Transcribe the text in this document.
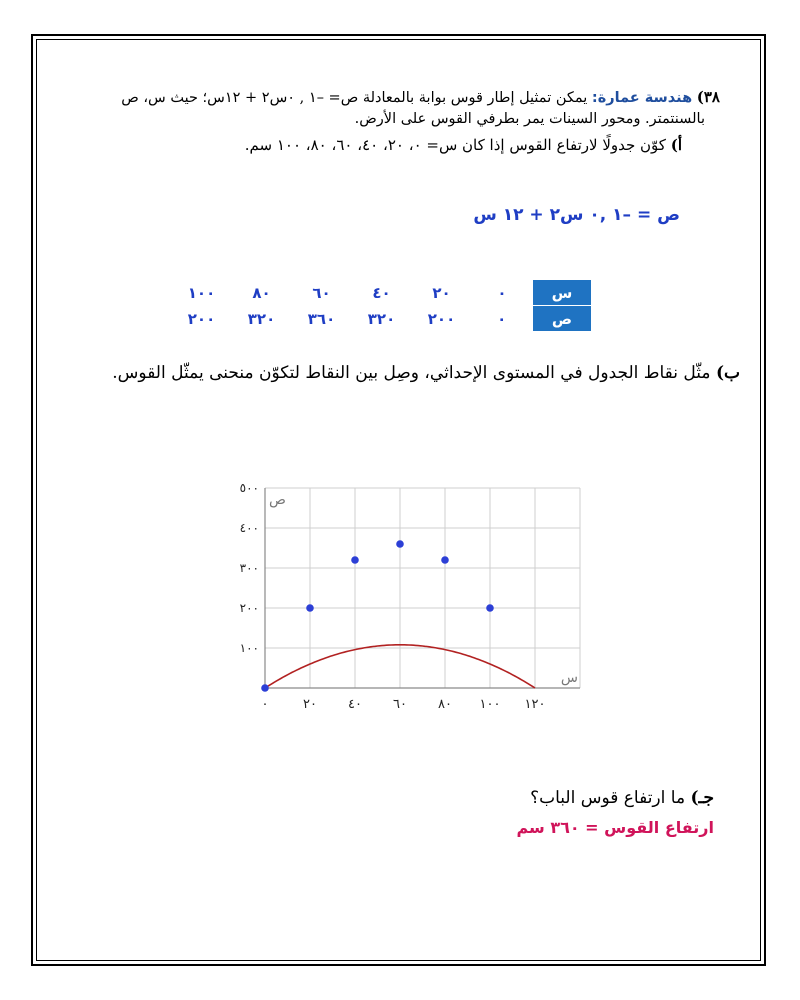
٣٨) هندسة عمارة: يمكن تمثيل إطار قوس بوابة بالمعادلة ص= –١ , ٠س٢ + ١٢س؛ حيث س، ص
بالسنتمتر. ومحور السينات يمر بطرفي القوس على الأرض.
أ) كوّن جدولًا لارتفاع القوس إذا كان س= ٠، ٢٠، ٤٠، ٦٠، ٨٠، ١٠٠ سم.
ص = –١ ,٠ س٢ + ١٢ س
س	٠	٢٠	٤٠	٦٠	٨٠	١٠٠
ص	٠	٢٠٠	٣٢٠	٣٦٠	٣٢٠	٢٠٠
ب) مثّل نقاط الجدول في المستوى الإحداثي، وصِل بين النقاط لتكوّن منحنى يمثّل القوس.
٠	٢٠ ٤٠ ٦٠ ٨٠ ١٠٠ ١٢٠
١٠٠
٢٠٠
٣٠٠
٤٠٠
٥٠٠
س
ص
جـ) ما ارتفاع قوس الباب؟
ارتفاع القوس = ٣٦٠ سم
